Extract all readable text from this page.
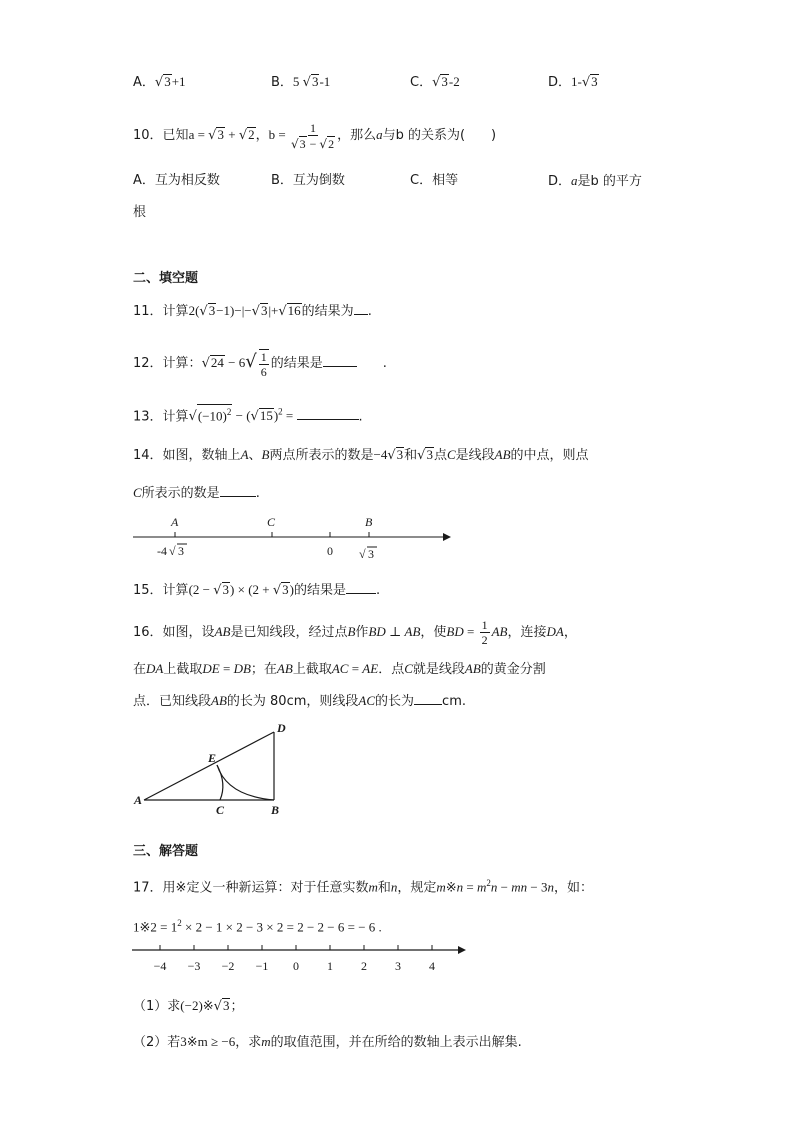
A．√3+1	B．5 √3-1	C．√3-2	D．1-√3
10．已知a = √3 + √2，$b = \frac{1}{√3 - √2}$ ，那么a与b 的关系为( )
A．互为相反数	B．互为倒数	C．相等	D．a是b 的平方
根
二、填空题
11．计算2(√3−1)−|−√3|+√16的结果为 .
12．计算：$√24 - 6√ \frac{1}{6}$ 的结果是	.
13．计算$√(-10)^2 - (√15)^2$ =	.
14．如图，数轴上A、B两点所表示的数是−4√3和√3点C是线段AB的中点，则点
C所表示的数是	.
A	C	B
-4 √ 3	0 √ 3
15．计算(2 − √3) × (2 + √3)的结果是 .
16．如图，设AB是已知线段，经过点B作BD ⊥ AB，使BD = $\frac{1}{2}$ AB，连接DA，
在DA上截取DE = DB；在AB上截取AC = AE．点C就是线段AB的黄金分割
点．已知线段AB的长为 80cm，则线段AC的长为 cm.
D
E
A
C	B
三、解答题
17．用※定义一种新运算：对于任意实数m和n，规定m※n = $m^2n$ − mn − 3n，如：
1※2 = $1^2 \times 2 - 1 \times 2 - 3 \times 2 = 2 - 2 - 6$ = − 6 .
−4 −3 −2 −1 0 1 2 3 4
（1）求(−2)※√3；
（2）若3※m ≥ −6，求m的取值范围，并在所给的数轴上表示出解集.
